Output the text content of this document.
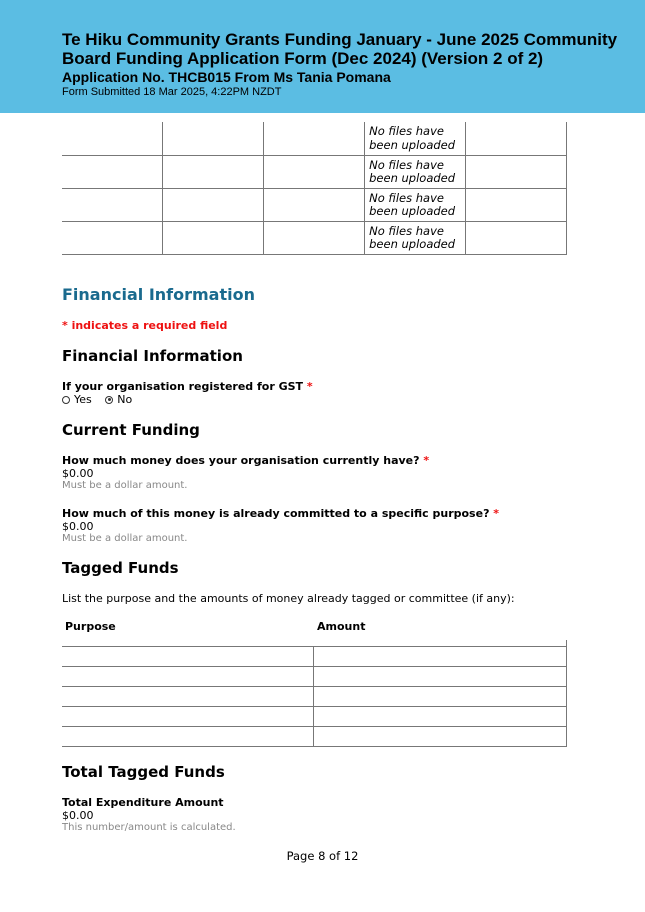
Te Hiku Community Grants Funding January - June 2025 Community Board Funding Application Form (Dec 2024) (Version 2 of 2)
Application No. THCB015 From Ms Tania Pomana
Form Submitted 18 Mar 2025, 4:22PM NZDT
			No files have been uploaded	
			No files have been uploaded	
			No files have been uploaded	
			No files have been uploaded	
Financial Information
* indicates a required field
Financial Information
If your organisation registered for GST *
Yes
No
Current Funding
How much money does your organisation currently have? *
$0.00
Must be a dollar amount.
How much of this money is already committed to a specific purpose? *
$0.00
Must be a dollar amount.
Tagged Funds
List the purpose and the amounts of money already tagged or committee (if any):
Purpose	Amount
Total Tagged Funds
Total Expenditure Amount
$0.00
This number/amount is calculated.
Page 8 of 12
